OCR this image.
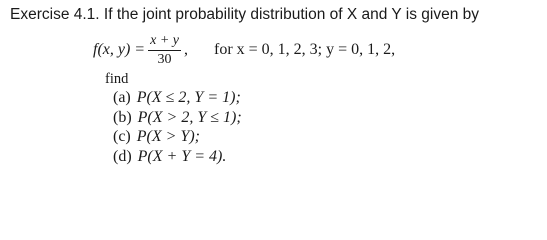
Exercise 4.1. If the joint probability distribution of X and Y is given by
f(x, $y) = \frac{x + y}{30}$ , for x = 0, 1, 2, 3; y = 0, 1, 2,
find
(a) P(X ≤ 2, Y = 1);
(b) P(X > 2, Y ≤ 1);
(c) P(X > Y);
(d) P(X + Y = 4).
